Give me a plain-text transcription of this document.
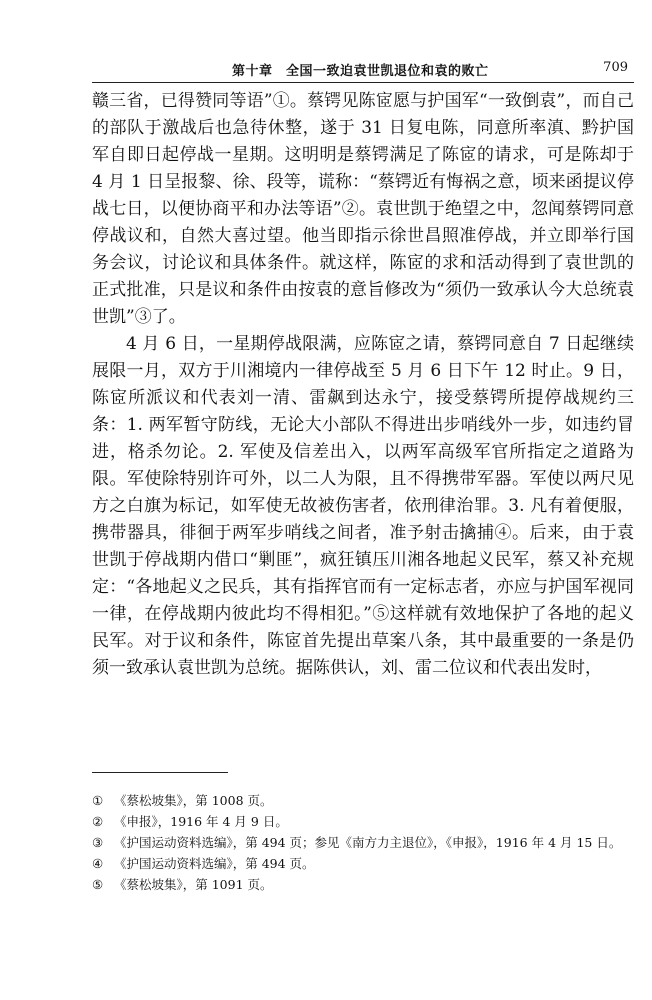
第十章　全国一致迫袁世凯退位和袁的败亡	709

赣三省，已得赞同等语”①。蔡锷见陈宧愿与护国军“一致倒袁”，而自己的部队于激战后也急待休整，遂于 31 日复电陈，同意所率滇、黔护国军自即日起停战一星期。这明明是蔡锷满足了陈宧的请求，可是陈却于 4 月 1 日呈报黎、徐、段等，谎称：“蔡锷近有悔祸之意，顷来函提议停战七日，以便协商平和办法等语”②。袁世凯于绝望之中，忽闻蔡锷同意停战议和，自然大喜过望。他当即指示徐世昌照准停战，并立即举行国务会议，讨论议和具体条件。就这样，陈宧的求和活动得到了袁世凯的正式批准，只是议和条件由按袁的意旨修改为“须仍一致承认今大总统袁世凯”③了。

4 月 6 日，一星期停战限满，应陈宧之请，蔡锷同意自 7 日起继续展限一月，双方于川湘境内一律停战至 5 月 6 日下午 12 时止。9 日，陈宧所派议和代表刘一清、雷飙到达永宁，接受蔡锷所提停战规约三条：1. 两军暂守防线，无论大小部队不得进出步哨线外一步，如违约冒进，格杀勿论。2. 军使及信差出入，以两军高级军官所指定之道路为限。军使除特别许可外，以二人为限，且不得携带军器。军使以两尺见方之白旗为标记，如军使无故被伤害者，依刑律治罪。3. 凡有着便服，携带器具，徘徊于两军步哨线之间者，准予射击擒捕④。后来，由于袁世凯于停战期内借口“剿匪”，疯狂镇压川湘各地起义民军，蔡又补充规定：“各地起义之民兵，其有指挥官而有一定标志者，亦应与护国军视同一律，在停战期内彼此均不得相犯。”⑤这样就有效地保护了各地的起义民军。对于议和条件，陈宧首先提出草案八条，其中最重要的一条是仍须一致承认袁世凯为总统。据陈供认，刘、雷二位议和代表出发时，

① 《蔡松坡集》，第 1008 页。

② 《申报》，1916 年 4 月 9 日。

③ 《护国运动资料选编》，第 494 页；参见《南方力主退位》，《申报》，1916 年 4 月 15 日。

④ 《护国运动资料选编》，第 494 页。

⑤ 《蔡松坡集》，第 1091 页。
